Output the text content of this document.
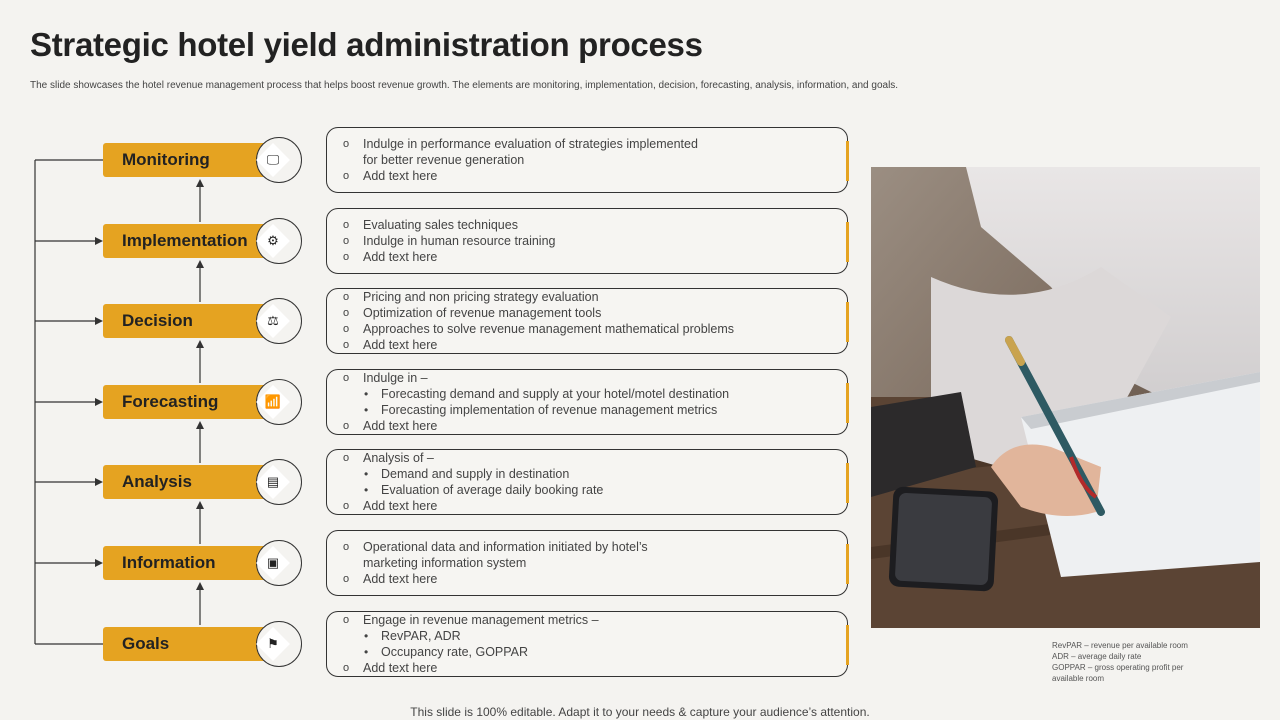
Strategic hotel yield administration process

The slide showcases the hotel revenue management process that helps boost revenue growth. The elements are monitoring, implementation, decision, forecasting, analysis, information, and goals.

Monitoring	🖵
o Indulge in performance evaluation of strategies implemented
for better revenue generation
o Add text here
Implementation	⚙
o Evaluating sales techniques
o Indulge in human resource training
o Add text here
Decision	⚖
o Pricing and non pricing strategy evaluation
o Optimization of revenue management tools
o Approaches to solve revenue management mathematical problems
o Add text here
Forecasting	📶
o Indulge in –
• Forecasting demand and supply at your hotel/motel destination
• Forecasting implementation of revenue management metrics
o Add text here
Analysis	▤
o Analysis of –
• Demand and supply in destination
• Evaluation of average daily booking rate
o Add text here
Information	▣
o Operational data and information initiated by hotel’s
marketing information system
o Add text here
Goals	⚑
o Engage in revenue management metrics –
• RevPAR, ADR
• Occupancy rate, GOPPAR
o Add text here
RevPAR – revenue per available room
ADR – average daily rate
GOPPAR – gross operating profit per
available room
This slide is 100% editable. Adapt it to your needs & capture your audience’s attention.
